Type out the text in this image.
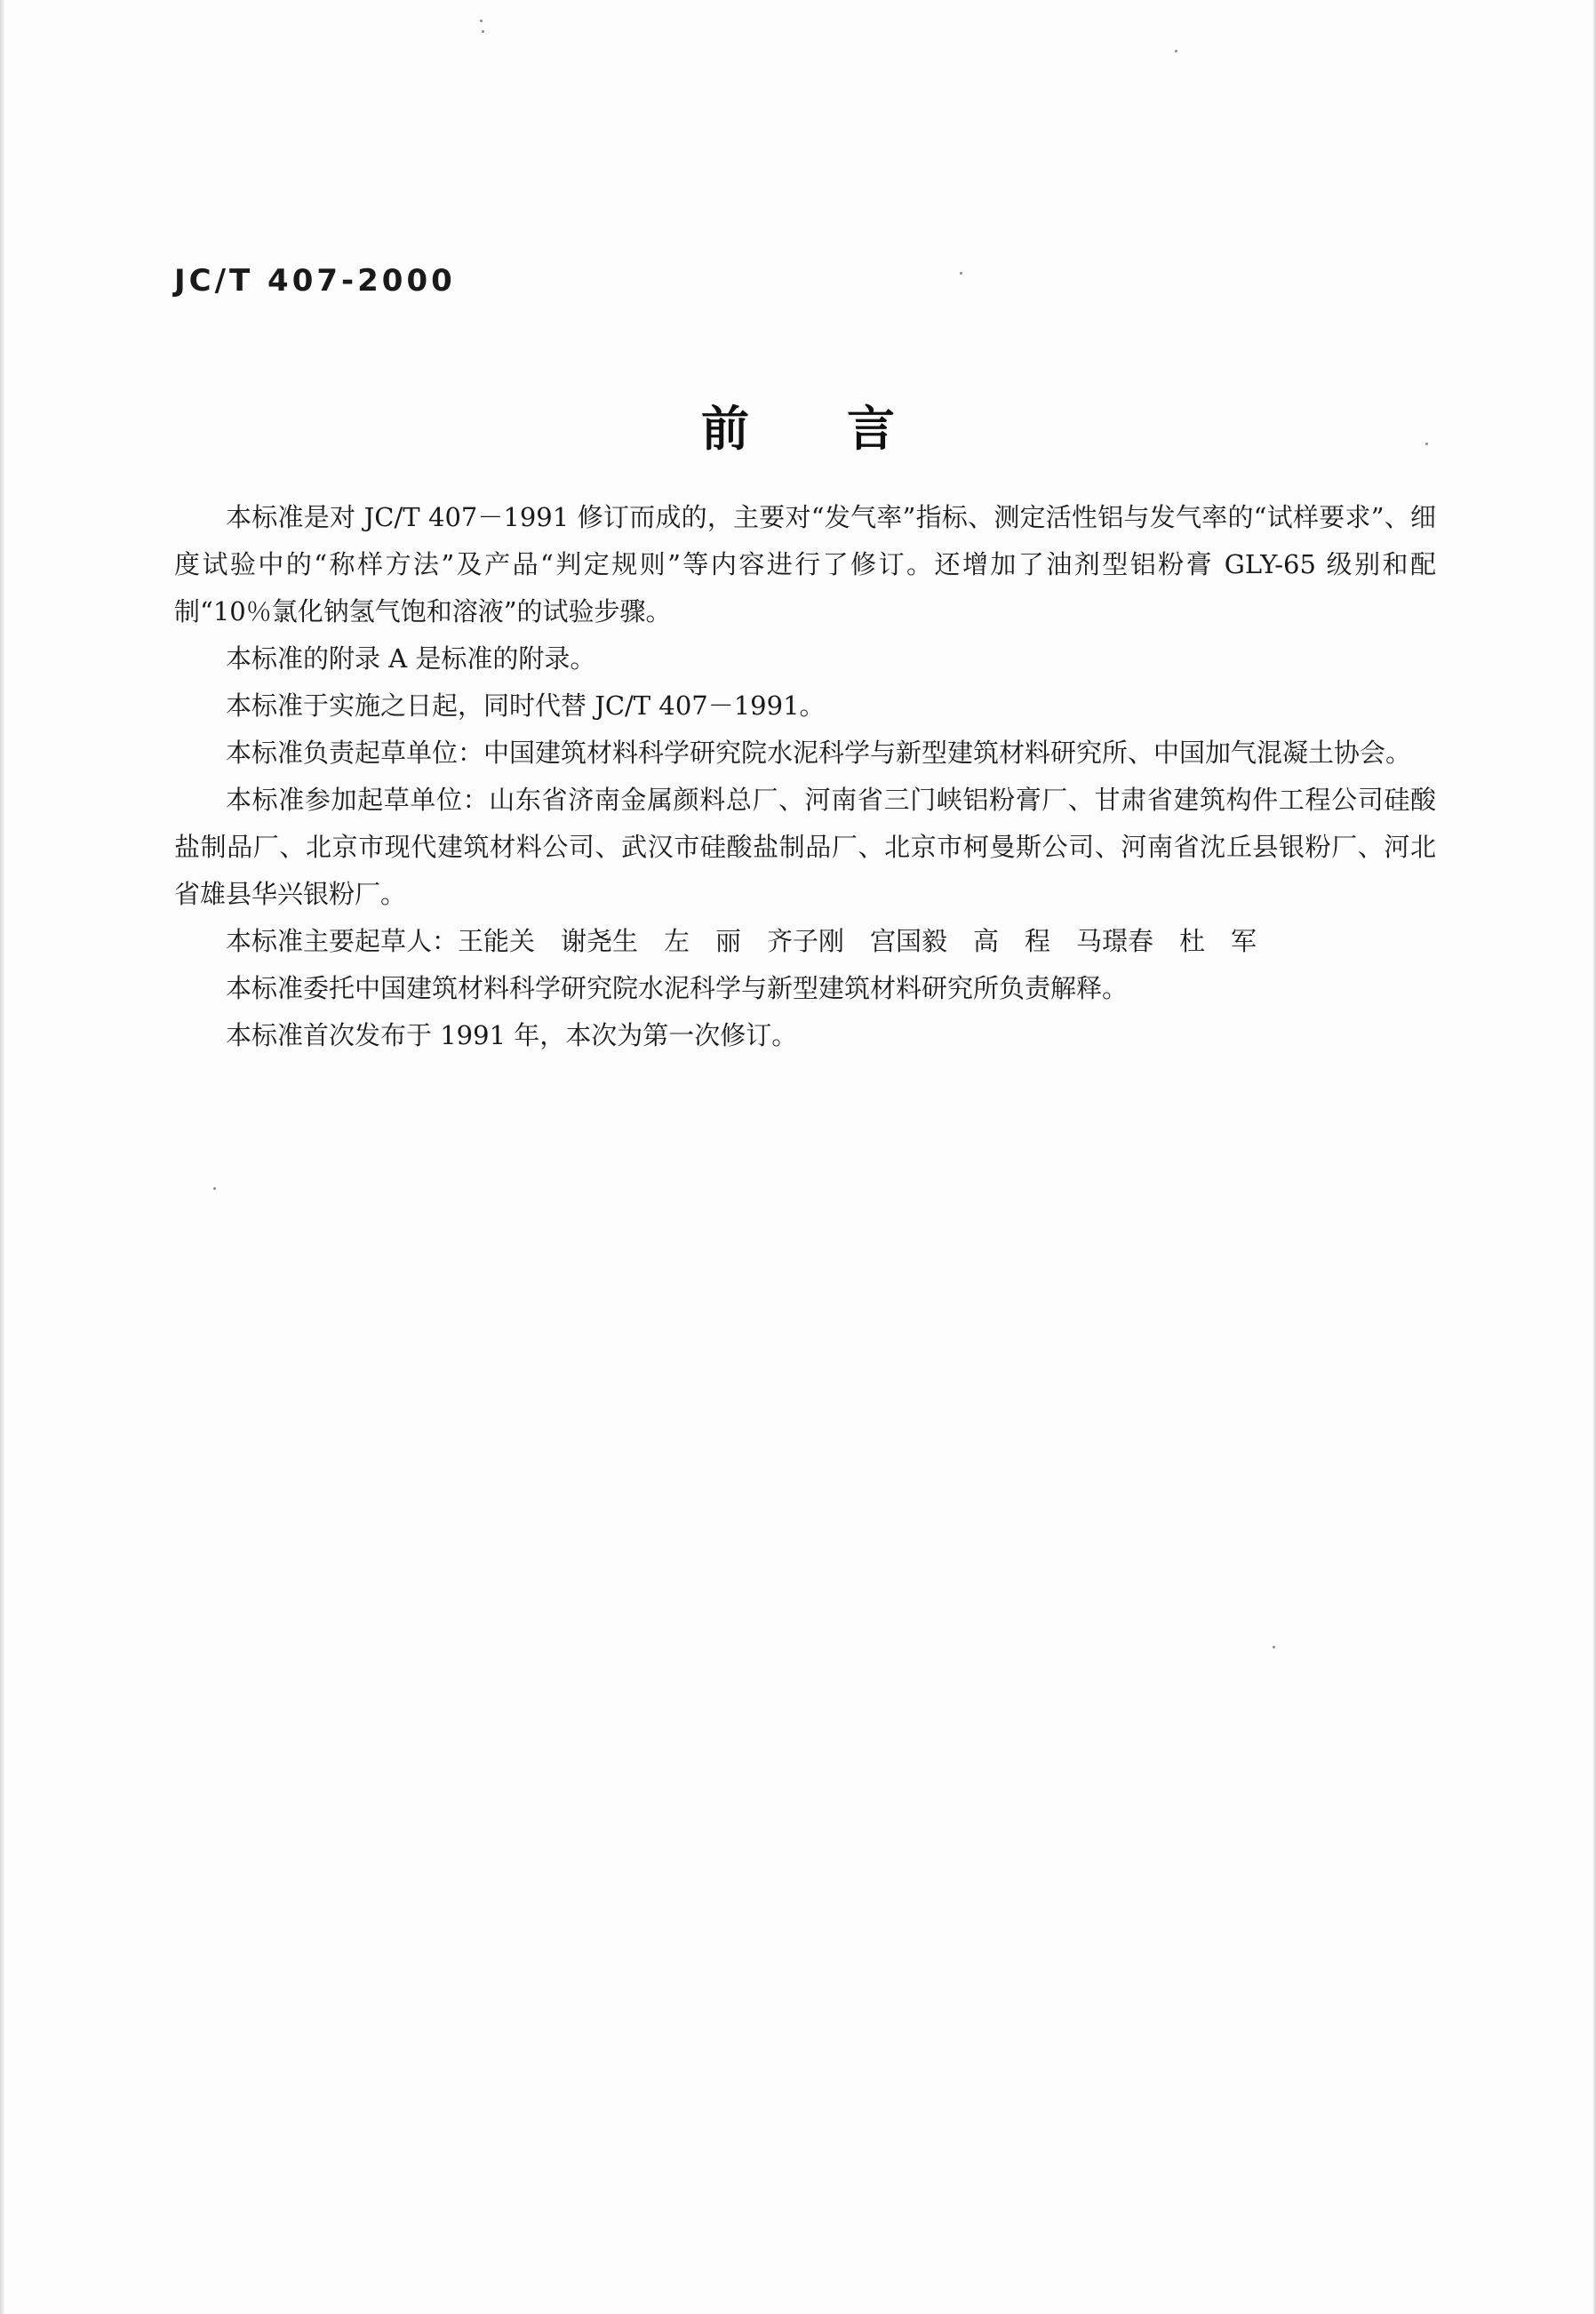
JC/T 407-2000
前言

本标准是对 JC/T 407－1991 修订而成的，主要对“发气率”指标、测定活性铝与发气率的“试样要求”、细度试验中的“称样方法”及产品“判定规则”等内容进行了修订。还增加了油剂型铝粉膏 GLY-65 级别和配制“10％氯化钠氢气饱和溶液”的试验步骤。

本标准的附录 A 是标准的附录。

本标准于实施之日起，同时代替 JC/T 407－1991。

本标准负责起草单位：中国建筑材料科学研究院水泥科学与新型建筑材料研究所、中国加气混凝土协会。

本标准参加起草单位：山东省济南金属颜料总厂、河南省三门峡铝粉膏厂、甘肃省建筑构件工程公司硅酸盐制品厂、北京市现代建筑材料公司、武汉市硅酸盐制品厂、北京市柯曼斯公司、河南省沈丘县银粉厂、河北省雄县华兴银粉厂。

本标准主要起草人：王能关　谢尧生　左　丽　齐子刚　宫国毅　高　程　马璟春　杜　军

本标准委托中国建筑材料科学研究院水泥科学与新型建筑材料研究所负责解释。

本标准首次发布于 1991 年，本次为第一次修订。
